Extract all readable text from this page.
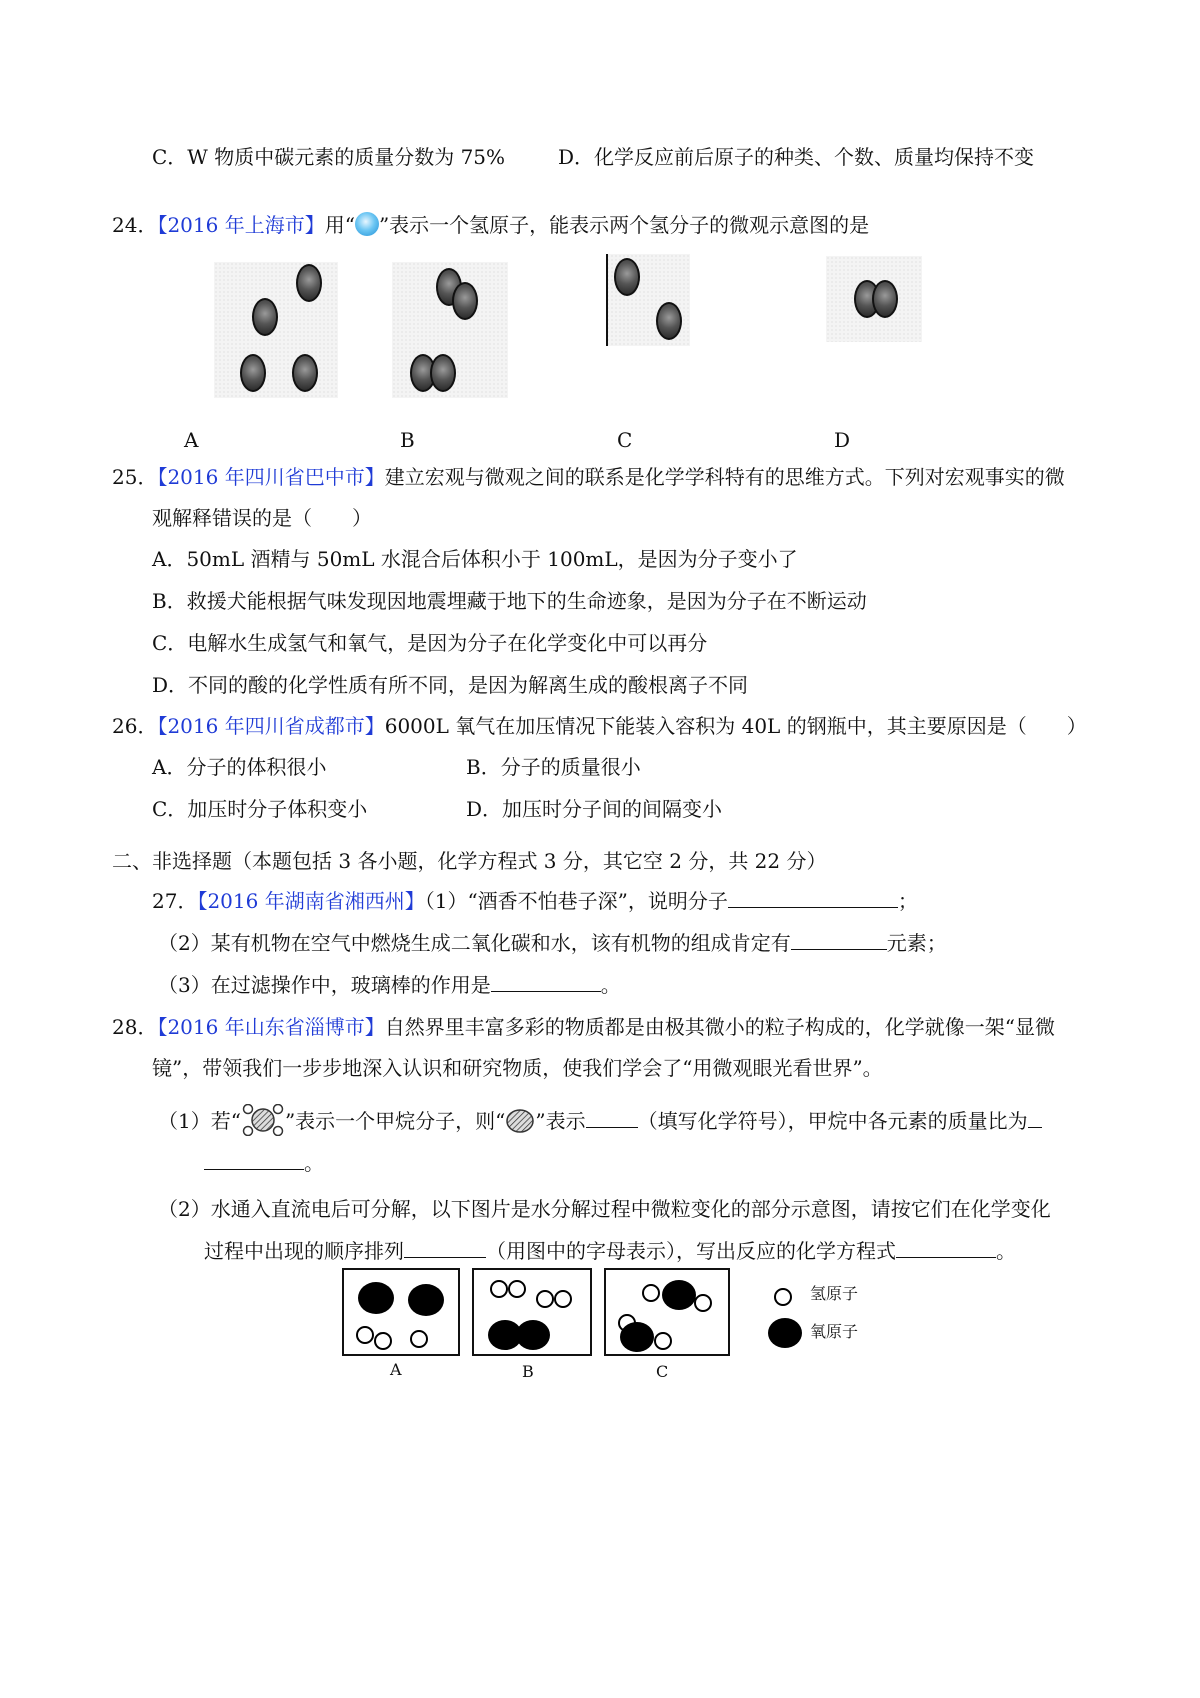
C．W 物质中碳元素的质量分数为 75%	D．化学反应前后原子的种类、个数、质量均保持不变
24．【2016 年上海市】用“ ”表示一个氢原子，能表示两个氢分子的微观示意图的是
A	B	C	D
25．【2016 年四川省巴中市】建立宏观与微观之间的联系是化学学科特有的思维方式。下列对宏观事实的微
观解释错误的是（　　）
A．50mL 酒精与 50mL 水混合后体积小于 100mL，是因为分子变小了
B．救援犬能根据气味发现因地震埋藏于地下的生命迹象，是因为分子在不断运动
C．电解水生成氢气和氧气，是因为分子在化学变化中可以再分
D．不同的酸的化学性质有所不同，是因为解离生成的酸根离子不同
26．【2016 年四川省成都市】6000L 氧气在加压情况下能装入容积为 40L 的钢瓶中，其主要原因是（　　）
A．分子的体积很小	B．分子的质量很小
C．加压时分子体积变小	D．加压时分子间的间隔变小
二、非选择题（本题包括 3 各小题，化学方程式 3 分，其它空 2 分，共 22 分）
27．【2016 年湖南省湘西州】（1）“酒香不怕巷子深”，说明分子	；
（2）某有机物在空气中燃烧生成二氧化碳和水，该有机物的组成肯定有	元素；
（3）在过滤操作中，玻璃棒的作用是	。
28．【2016 年山东省淄博市】自然界里丰富多彩的物质都是由极其微小的粒子构成的，化学就像一架“显微
镜”，带领我们一步步地深入认识和研究物质，使我们学会了“用微观眼光看世界”。
（1）若“ ”表示一个甲烷分子，则“ ”表示	（填写化学符号），甲烷中各元素的质量比为
。
（2）水通入直流电后可分解，以下图片是水分解过程中微粒变化的部分示意图，请按它们在化学变化
过程中出现的顺序排列	（用图中的字母表示），写出反应的化学方程式	。
氢原子
氧原子
A	B	C
